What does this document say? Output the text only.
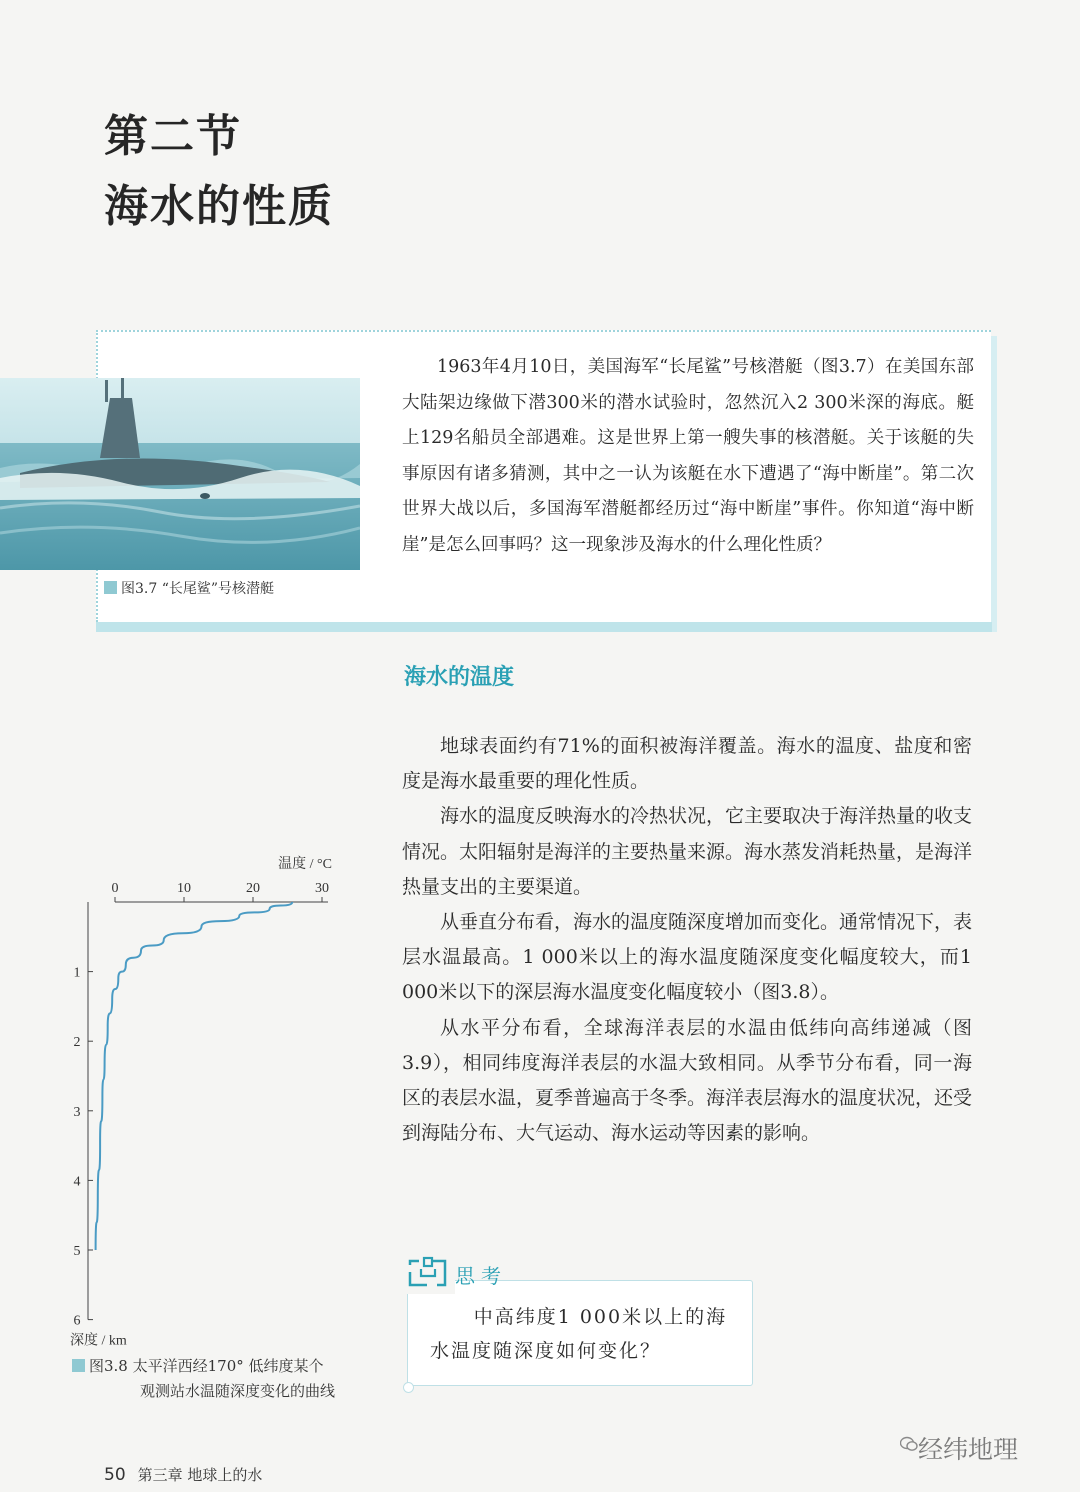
第二节
海水的性质
图3.7 “长尾鲨”号核潜艇
1963年4月10日，美国海军“长尾鲨”号核潜艇（图3.7）在美国东部大陆架边缘做下潜300米的潜水试验时，忽然沉入2 300米深的海底。艇上129名船员全部遇难。这是世界上第一艘失事的核潜艇。关于该艇的失事原因有诸多猜测，其中之一认为该艇在水下遭遇了“海中断崖”。第二次世界大战以后，多国海军潜艇都经历过“海中断崖”事件。你知道“海中断崖”是怎么回事吗？这一现象涉及海水的什么理化性质？
海水的温度

地球表面约有71%的面积被海洋覆盖。海水的温度、盐度和密度是海水最重要的理化性质。

海水的温度反映海水的冷热状况，它主要取决于海洋热量的收支情况。太阳辐射是海洋的主要热量来源。海水蒸发消耗热量，是海洋热量支出的主要渠道。

从垂直分布看，海水的温度随深度增加而变化。通常情况下，表层水温最高。1 000米以上的海水温度随深度变化幅度较大，而1 000米以下的深层海水温度变化幅度较小（图3.8）。

从水平分布看，全球海洋表层的水温由低纬向高纬递减（图3.9），相同纬度海洋表层的水温大致相同。从季节分布看，同一海区的表层水温，夏季普遍高于冬季。海洋表层海水的温度状况，还受到海陆分布、大气运动、海水运动等因素的影响。

思考
中高纬度1 000米以上的海水温度随深度如何变化？
0	10	20	30
1
2
3
4
5
6
温度 / °C
深度 / km
图3.8 太平洋西经170° 低纬度某个
观测站水温随深度变化的曲线
50 第三章 地球上的水
经纬地理
